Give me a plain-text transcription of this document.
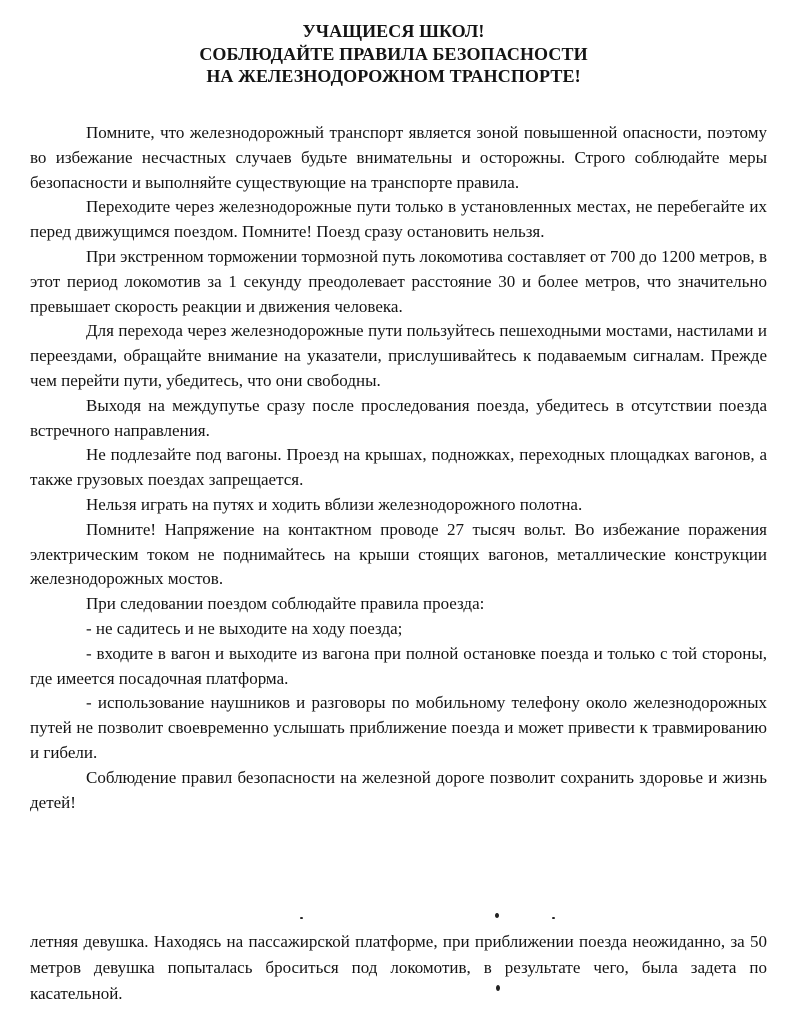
УЧАЩИЕСЯ ШКОЛ!
СОБЛЮДАЙТЕ ПРАВИЛА БЕЗОПАСНОСТИ
НА ЖЕЛЕЗНОДОРОЖНОМ ТРАНСПОРТЕ!

Помните, что железнодорожный транспорт является зоной повышенной опасности, поэтому во избежание несчастных случаев будьте внимательны и осторожны. Строго соблюдайте меры безопасности и выполняйте существующие на транспорте правила.

Переходите через железнодорожные пути только в установленных местах, не перебегайте их перед движущимся поездом. Помните! Поезд сразу остановить нельзя.

При экстренном торможении тормозной путь локомотива составляет от 700 до 1200 метров, в этот период локомотив за 1 секунду преодолевает расстояние 30 и более метров, что значительно превышает скорость реакции и движения человека.

Для перехода через железнодорожные пути пользуйтесь пешеходными мостами, настилами и переездами, обращайте внимание на указатели, прислушивайтесь к подаваемым сигналам. Прежде чем перейти пути, убедитесь, что они свободны.

Выходя на междупутье сразу после проследования поезда, убедитесь в отсутствии поезда встречного направления.

Не подлезайте под вагоны. Проезд на крышах, подножках, переходных площадках вагонов, а также грузовых поездах запрещается.

Нельзя играть на путях и ходить вблизи железнодорожного полотна.

Помните! Напряжение на контактном проводе 27 тысяч вольт. Во избежание поражения электрическим током не поднимайтесь на крыши стоящих вагонов, металлические конструкции железнодорожных мостов.

При следовании поездом соблюдайте правила проезда:

- не садитесь и не выходите на ходу поезда;

- входите в вагон и выходите из вагона при полной остановке поезда и только с той стороны, где имеется посадочная платформа.

- использование наушников и разговоры по мобильному телефону около железнодорожных путей не позволит своевременно услышать приближение поезда и может привести к травмированию и гибели.

Соблюдение правил безопасности на железной дороге позволит сохранить здоровье и жизнь детей!

летняя девушка. Находясь на пассажирской платформе, при приближении поезда неожиданно, за 50 метров девушка попыталась броситься под локомотив, в результате чего, была задета по касательной.
